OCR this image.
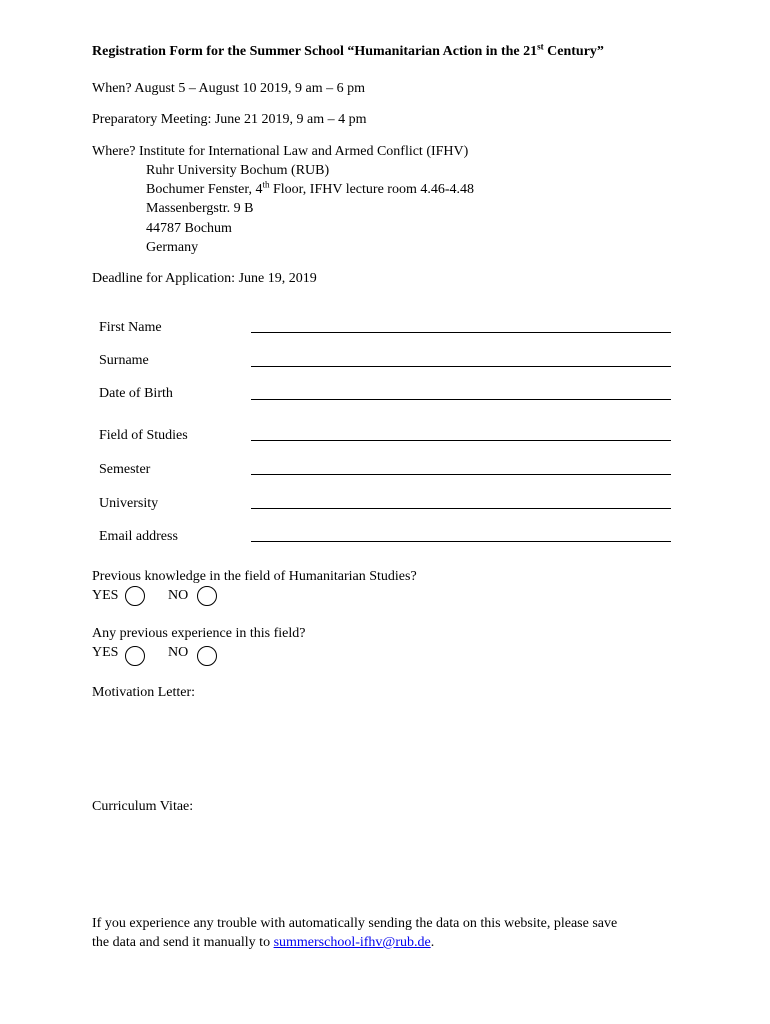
Registration Form for the Summer School “Humanitarian Action in the 21st Century”
When? August 5 – August 10 2019, 9 am – 6 pm
Preparatory Meeting: June 21 2019, 9 am – 4 pm
Where? Institute for International Law and Armed Conflict (IFHV)
Ruhr University Bochum (RUB)
Bochumer Fenster, 4th Floor, IFHV lecture room 4.46-4.48
Massenbergstr. 9 B
44787 Bochum
Germany
Deadline for Application: June 19, 2019
First Name
Surname
Date of Birth
Field of Studies
Semester
University
Email address
Previous knowledge in the field of Humanitarian Studies?
YES	NO
Any previous experience in this field?
YES	NO
Motivation Letter:
Curriculum Vitae:
If you experience any trouble with automatically sending the data on this website, please save
the data and send it manually to summerschool-ifhv@rub.de.
